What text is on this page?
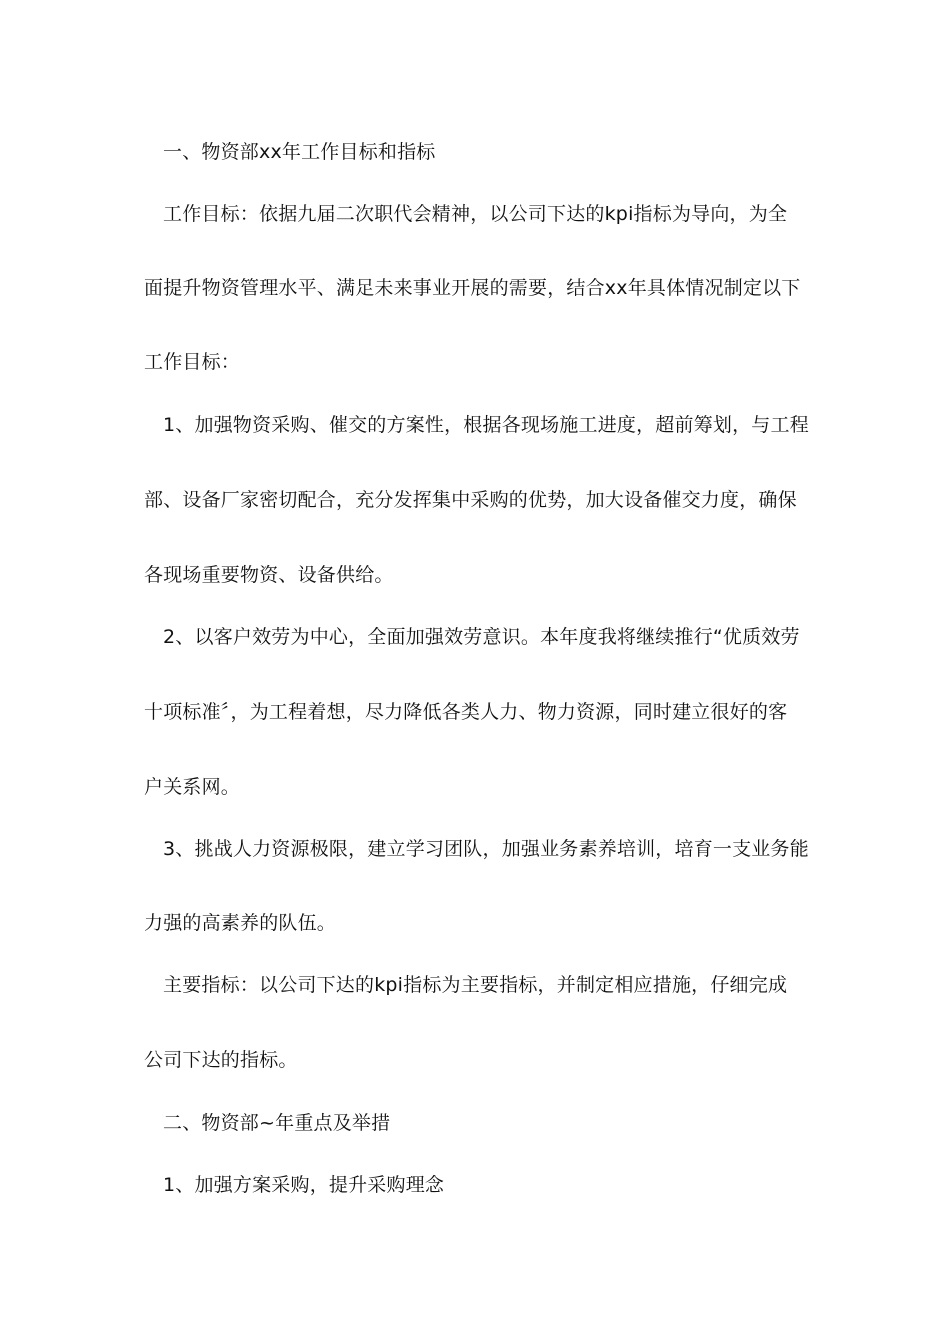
一、物资部xx年工作目标和指标
工作目标：依据九届二次职代会精神，以公司下达的kpi指标为导向，为全
面提升物资管理水平、满足未来事业开展的需要，结合xx年具体情况制定以下
工作目标：
1、加强物资采购、催交的方案性，根据各现场施工进度，超前筹划，与工程
部、设备厂家密切配合，充分发挥集中采购的优势，加大设备催交力度，确保
各现场重要物资、设备供给。
2、以客户效劳为中心，全面加强效劳意识。本年度我将继续推行“优质效劳
十项标准〞，为工程着想，尽力降低各类人力、物力资源，同时建立很好的客
户关系网。
3、挑战人力资源极限，建立学习团队，加强业务素养培训，培育一支业务能
力强的高素养的队伍。
主要指标：以公司下达的kpi指标为主要指标，并制定相应措施，仔细完成
公司下达的指标。
二、物资部~年重点及举措
1、加强方案采购，提升采购理念
